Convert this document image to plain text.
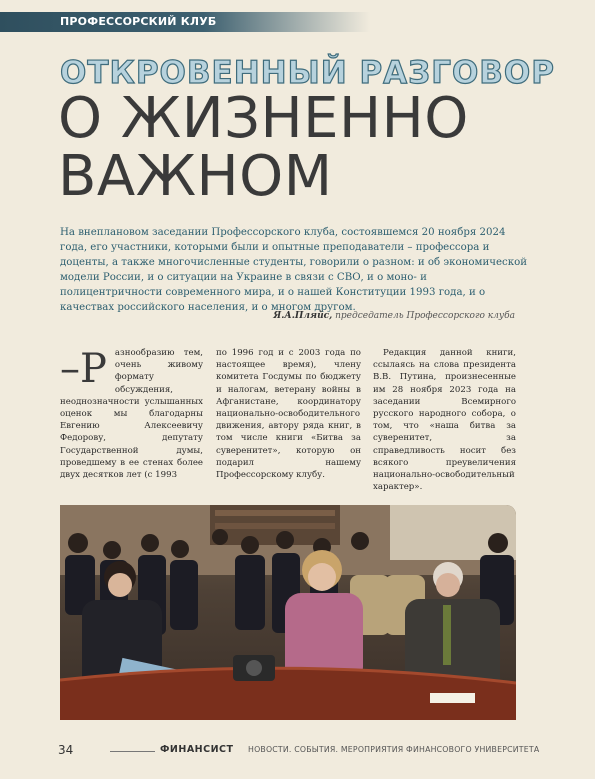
ПРОФЕССОРСКИЙ КЛУБ
ОТКРОВЕННЫЙ РАЗГОВОР
О ЖИЗНЕННО
ВАЖНОМ

На внеплановом заседании Профессорского клуба, состоявшемся 20 ноября 2024 года, его участники, которыми были и опытные преподаватели – профессора и доценты, а также многочисленные студенты, говорили о разном: и об экономической модели России, и о ситуации на Украине в связи с СВО, и о моно- и полицентричности современного мира, и о нашей Конституции 1993 года, и о качествах российского населения, и о многом другом.

Я.А.Пляйс, председатель Профессорского клуба

–Р азнообразию тем, очень живому формату обсуждения, неоднозначности услышанных оценок мы благодарны Евгению Алексеевичу Федорову, депутату Государственной думы, проведшему в ее стенах более двух десятков лет (с 1993

по 1996 год и с 2003 года по настоящее время), члену комитета Госдумы по бюджету и налогам, ветерану войны в Афганистане, координатору национально-освободительного движения, автору ряда книг, в том числе книги «Битва за суверенитет», которую он подарил нашему Профессорскому клубу.

Редакция данной книги, ссылаясь на слова президента В.В. Путина, произнесенные им 28 ноября 2023 года на заседании Всемирного русского народного собора, о том, что «наша битва за суверенитет, за справедливость носит без всякого преувеличения национально-освободительный характер».

34	ФИНАНСИСТ НОВОСТИ. СОБЫТИЯ. МЕРОПРИЯТИЯ ФИНАНСОВОГО УНИВЕРСИТЕТА
